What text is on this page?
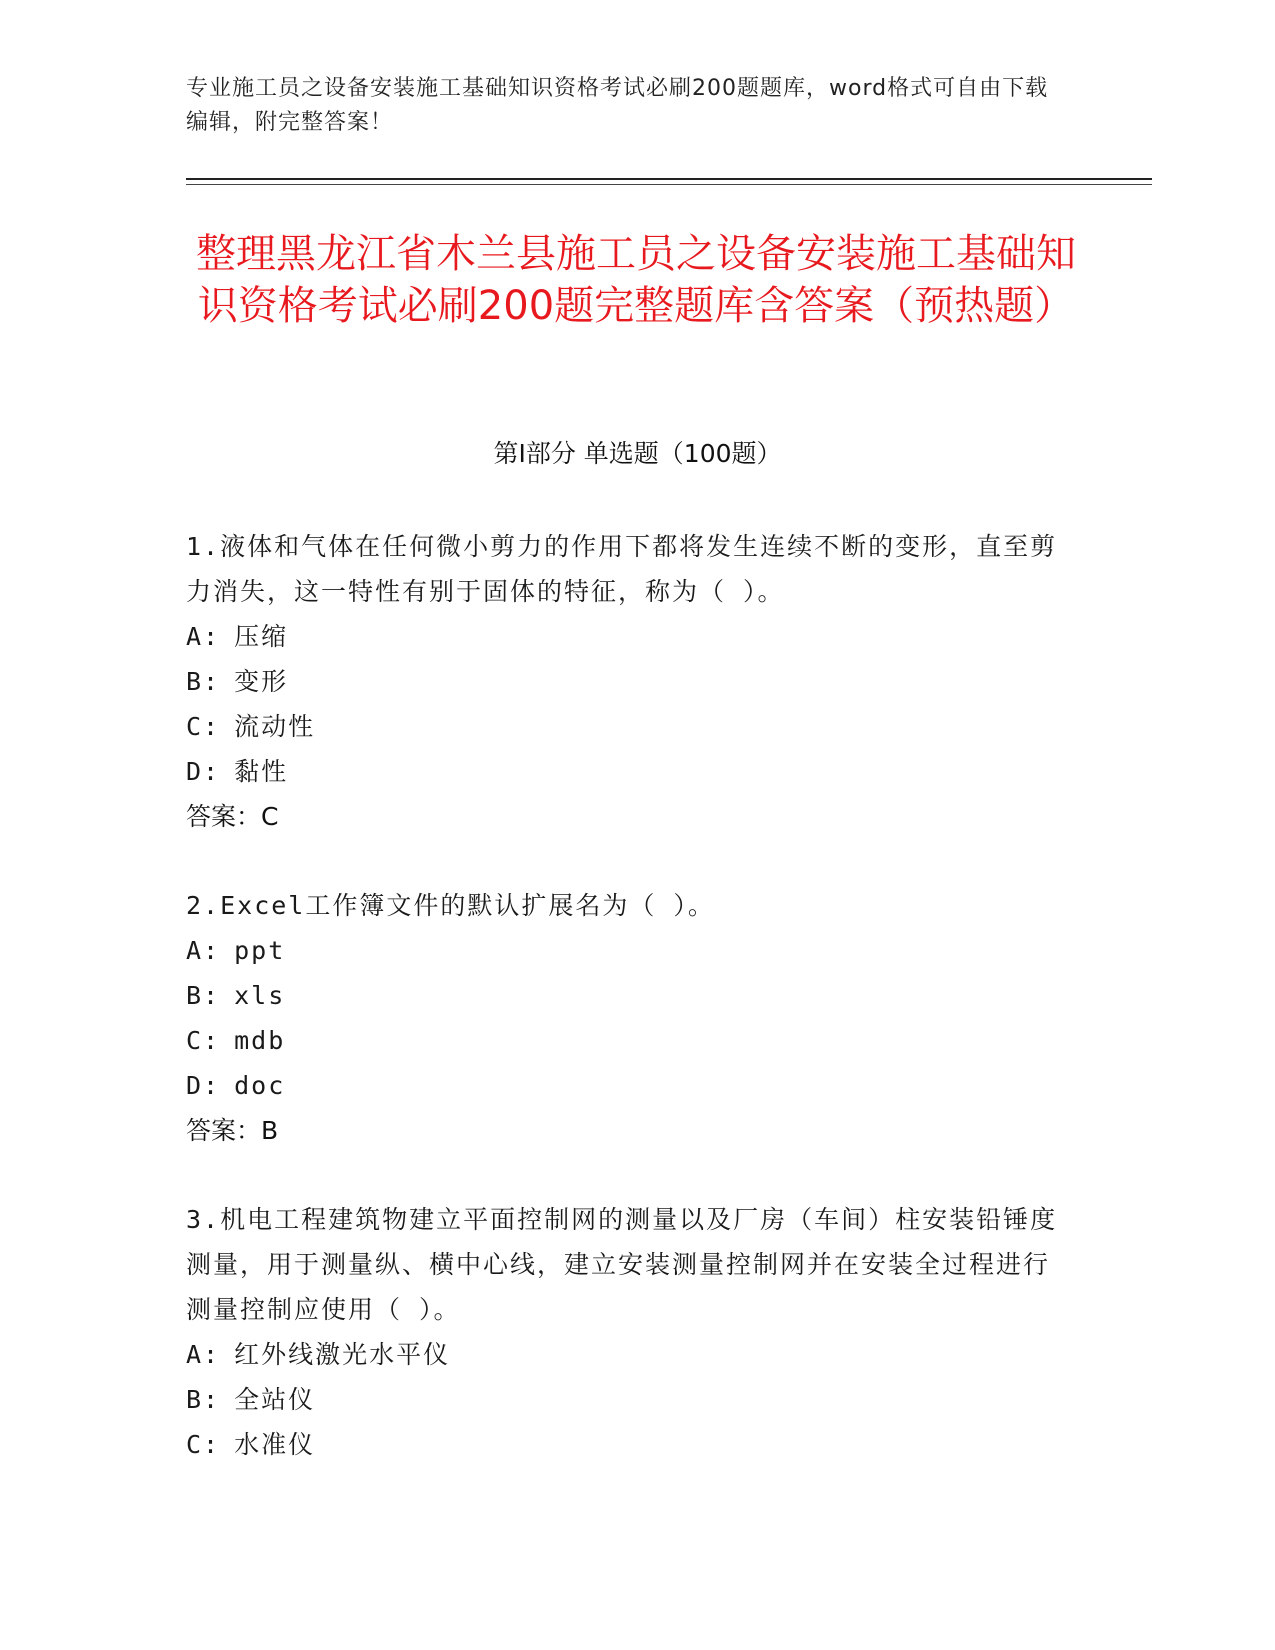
专业施工员之设备安装施工基础知识资格考试必刷200题题库，word格式可自由下载编辑，附完整答案！
整理黑龙江省木兰县施工员之设备安装施工基础知识资格考试必刷200题完整题库含答案（预热题）
第Ⅰ部分 单选题（100题）
1.液体和气体在任何微小剪力的作用下都将发生连续不断的变形，直至剪力消失，这一特性有别于固体的特征，称为（ ）。
A: 压缩
B: 变形
C: 流动性
D: 黏性
答案：C
2.Excel工作簿文件的默认扩展名为（ ）。
A: ppt
B: xls
C: mdb
D: doc
答案：B
3.机电工程建筑物建立平面控制网的测量以及厂房（车间）柱安装铅锤度测量，用于测量纵、横中心线，建立安装测量控制网并在安装全过程进行测量控制应使用（ ）。
A: 红外线激光水平仪
B: 全站仪
C: 水准仪
